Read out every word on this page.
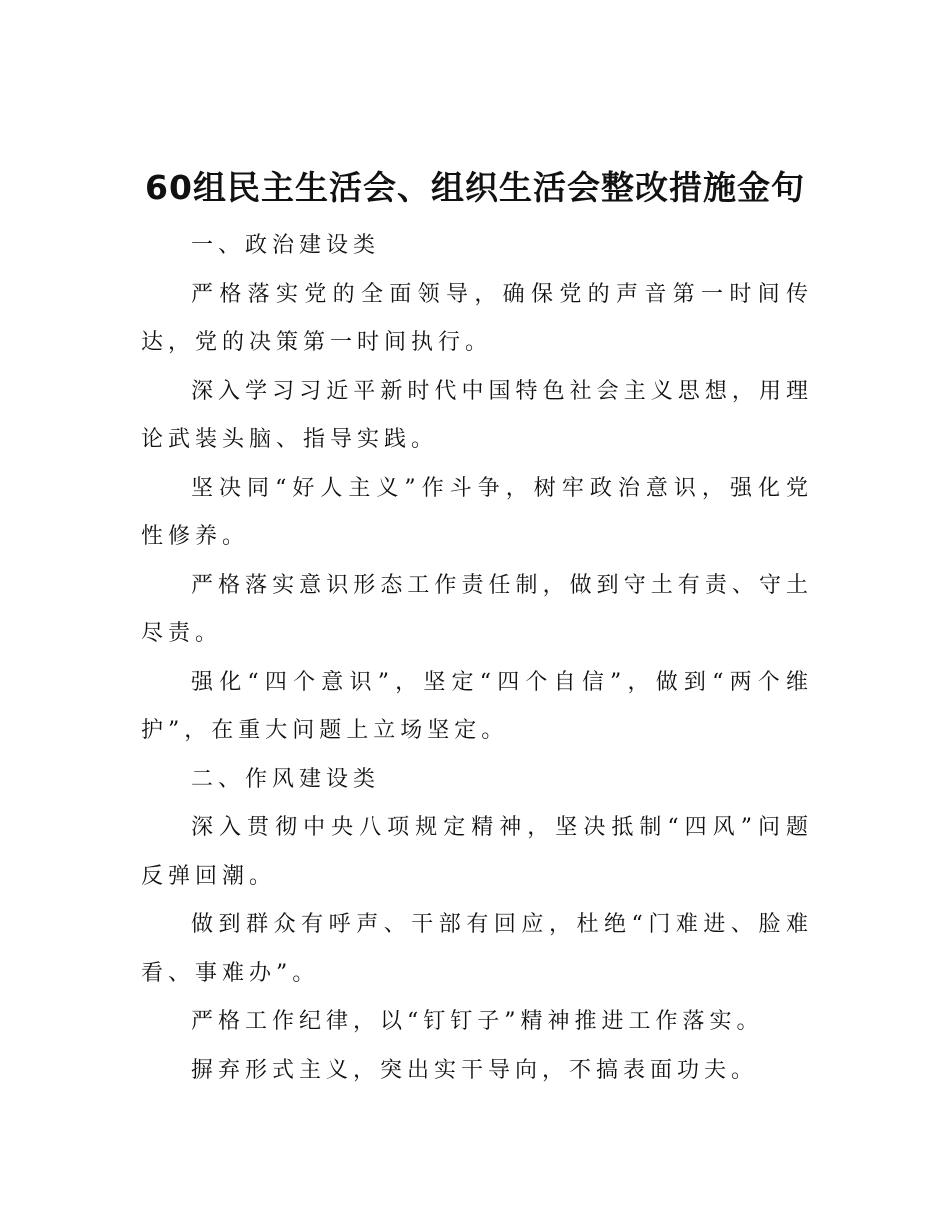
60组民主生活会、组织生活会整改措施金句

一、政治建设类

严格落实党的全面领导，确保党的声音第一时间传达，党的决策第一时间执行。

深入学习习近平新时代中国特色社会主义思想，用理论武装头脑、指导实践。

坚决同“好人主义”作斗争，树牢政治意识，强化党性修养。

严格落实意识形态工作责任制，做到守土有责、守土尽责。

强化“四个意识”，坚定“四个自信”，做到“两个维护”，在重大问题上立场坚定。

二、作风建设类

深入贯彻中央八项规定精神，坚决抵制“四风”问题反弹回潮。

做到群众有呼声、干部有回应，杜绝“门难进、脸难看、事难办”。

严格工作纪律，以“钉钉子”精神推进工作落实。

摒弃形式主义，突出实干导向，不搞表面功夫。
